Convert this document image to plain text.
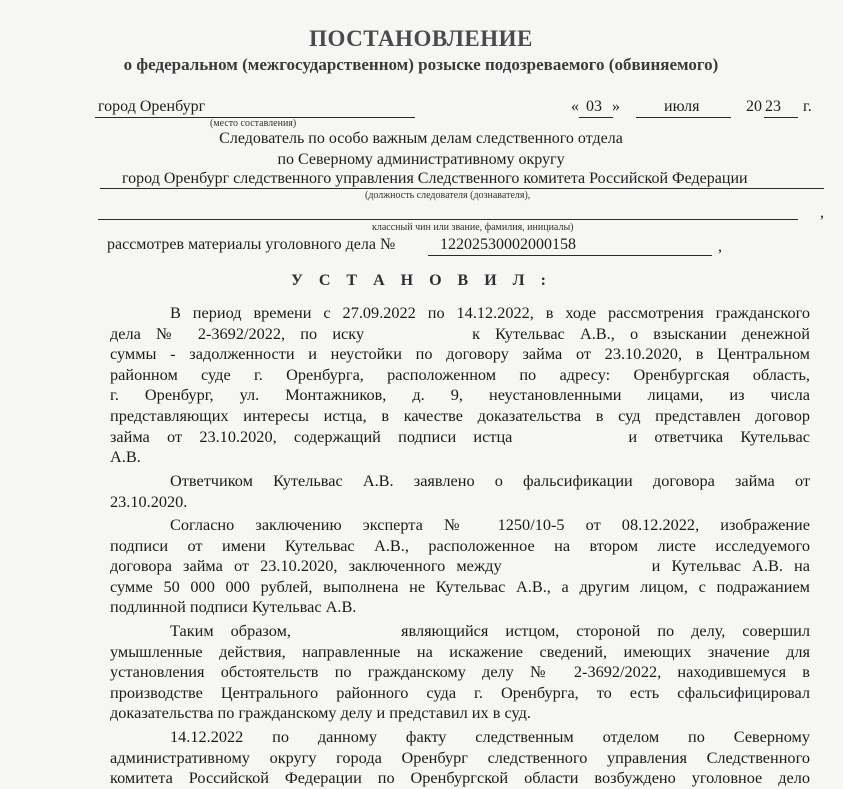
ПОСТАНОВЛЕНИЕ
о федеральном (межгосударственном) розыске подозреваемого (обвиняемого)
город Оренбург
(место составления)
« 03 »	июля	20 23 г.
Следователь по особо важным делам следственного отдела
по Северному административному округу
город Оренбург следственного управления Следственного комитета Российской Федерации
(должность следователя (дознавателя),
,
классный чин или звание, фамилия, инициалы)
рассмотрев материалы уголовного дела №	12202530002000158	,
У С Т А Н О В И Л :
В период времени с 27.09.2022 по 14.12.2022, в ходе рассмотрения гражданского
дела № 2-3692/2022, по иску	к Кутельвас А.В., о взыскании денежной
суммы - задолженности и неустойки по договору займа от 23.10.2020, в Центральном
районном суде г. Оренбурга, расположенном по адресу: Оренбургская область,
г. Оренбург, ул. Монтажников, д. 9, неустановленными лицами, из числа
представляющих интересы истца, в качестве доказательства в суд представлен договор
займа от 23.10.2020, содержащий подписи истца	и ответчика Кутельвас
А.В.
Ответчиком Кутельвас А.В. заявлено о фальсификации договора займа от
23.10.2020.
Согласно заключению эксперта № 1250/10-5 от 08.12.2022, изображение
подписи от имени Кутельвас А.В., расположенное на втором листе исследуемого
договора займа от 23.10.2020, заключенного между	и Кутельвас А.В. на
сумме 50 000 000 рублей, выполнена не Кутельвас А.В., а другим лицом, с подражанием
подлинной подписи Кутельвас А.В.
Таким образом,	являющийся истцом, стороной по делу, совершил
умышленные действия, направленные на искажение сведений, имеющих значение для
установления обстоятельств по гражданскому делу № 2-3692/2022, находившемуся в
производстве Центрального районного суда г. Оренбурга, то есть сфальсифицировал
доказательства по гражданскому делу и представил их в суд.
14.12.2022 по данному факту следственным отделом по Северному
административному округу города Оренбург следственного управления Следственного
комитета Российской Федерации по Оренбургской области возбуждено уголовное дело
